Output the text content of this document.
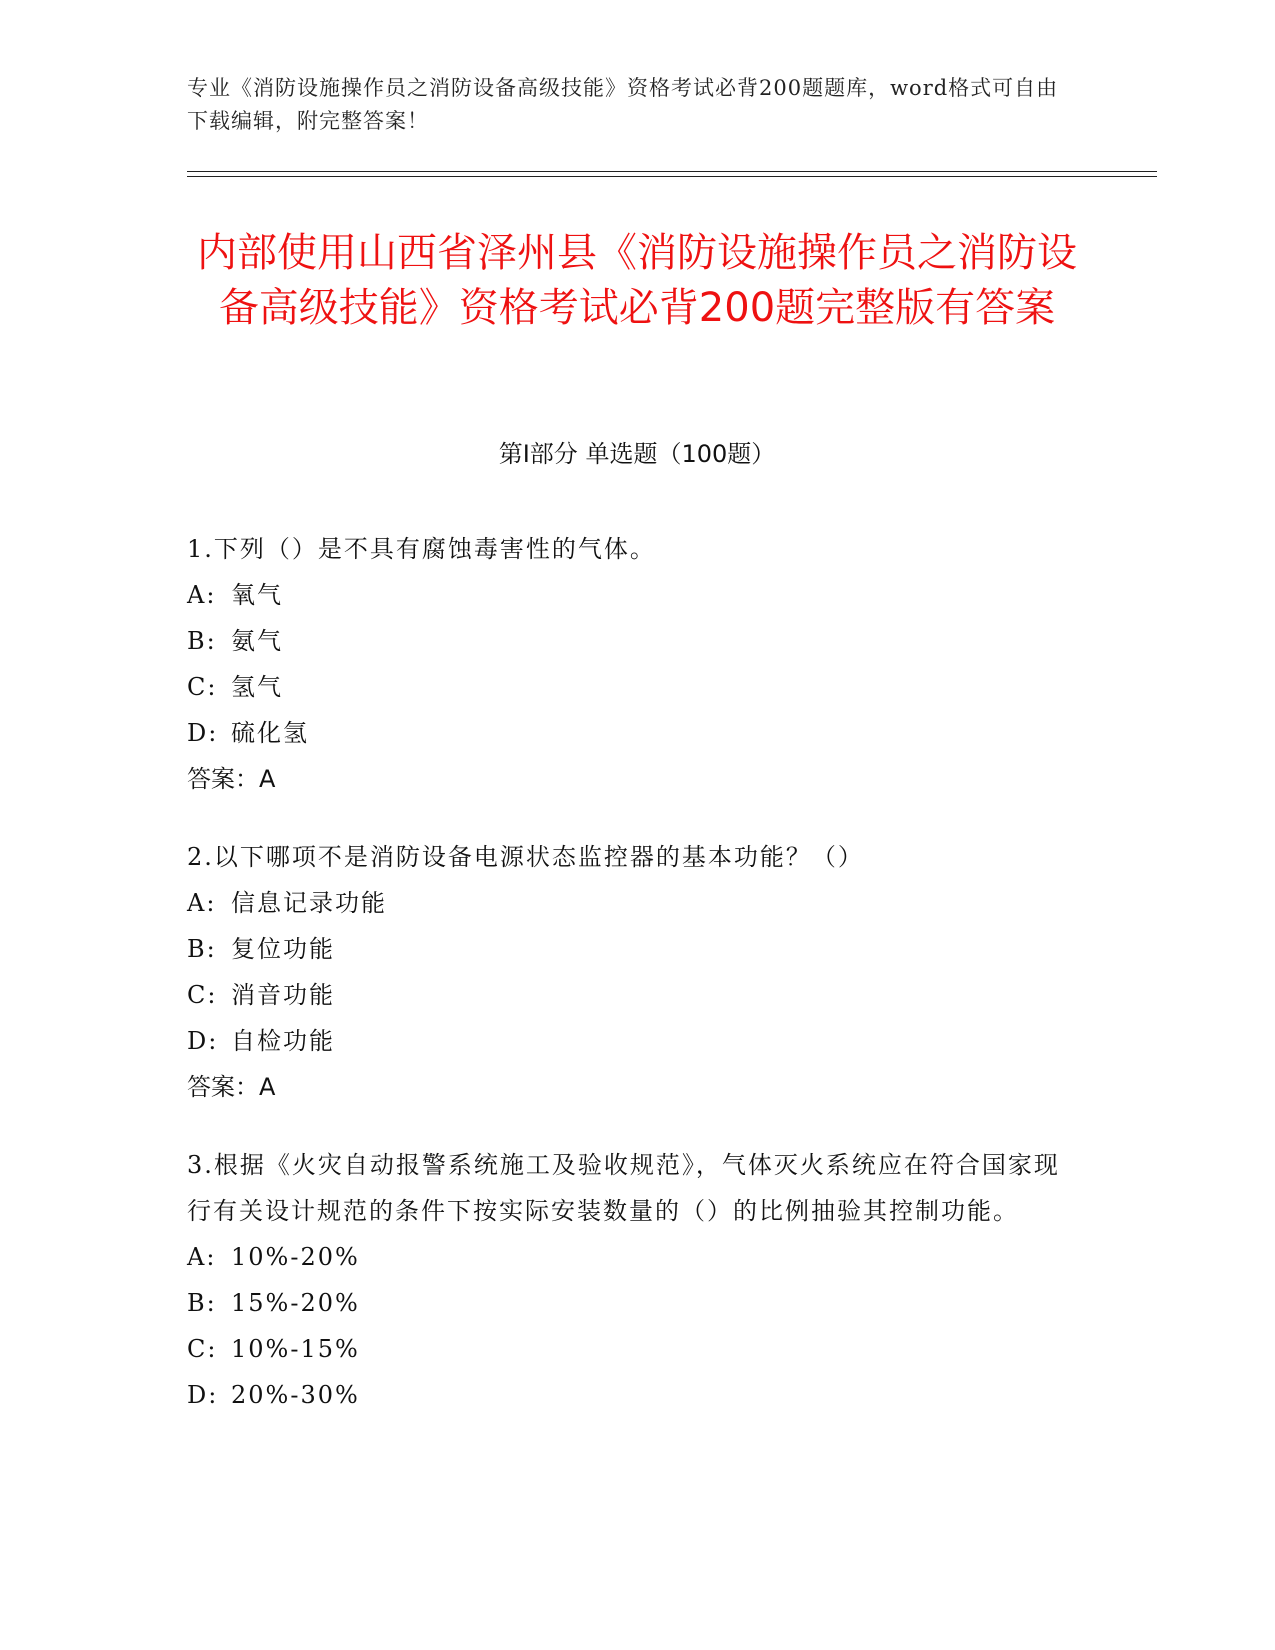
专业《消防设施操作员之消防设备高级技能》资格考试必背200题题库，word格式可自由下载编辑，附完整答案！
内部使用山西省泽州县《消防设施操作员之消防设备高级技能》资格考试必背200题完整版有答案
第I部分 单选题（100题）

1.下列（）是不具有腐蚀毒害性的气体。

A: 氧气
B: 氨气
C: 氢气
D: 硫化氢
答案：A

2.以下哪项不是消防设备电源状态监控器的基本功能？（）

A: 信息记录功能
B: 复位功能
C: 消音功能
D: 自检功能
答案：A

3.根据《火灾自动报警系统施工及验收规范》，气体灭火系统应在符合国家现行有关设计规范的条件下按实际安装数量的（）的比例抽验其控制功能。

A: 10%-20%
B: 15%-20%
C: 10%-15%
D: 20%-30%
